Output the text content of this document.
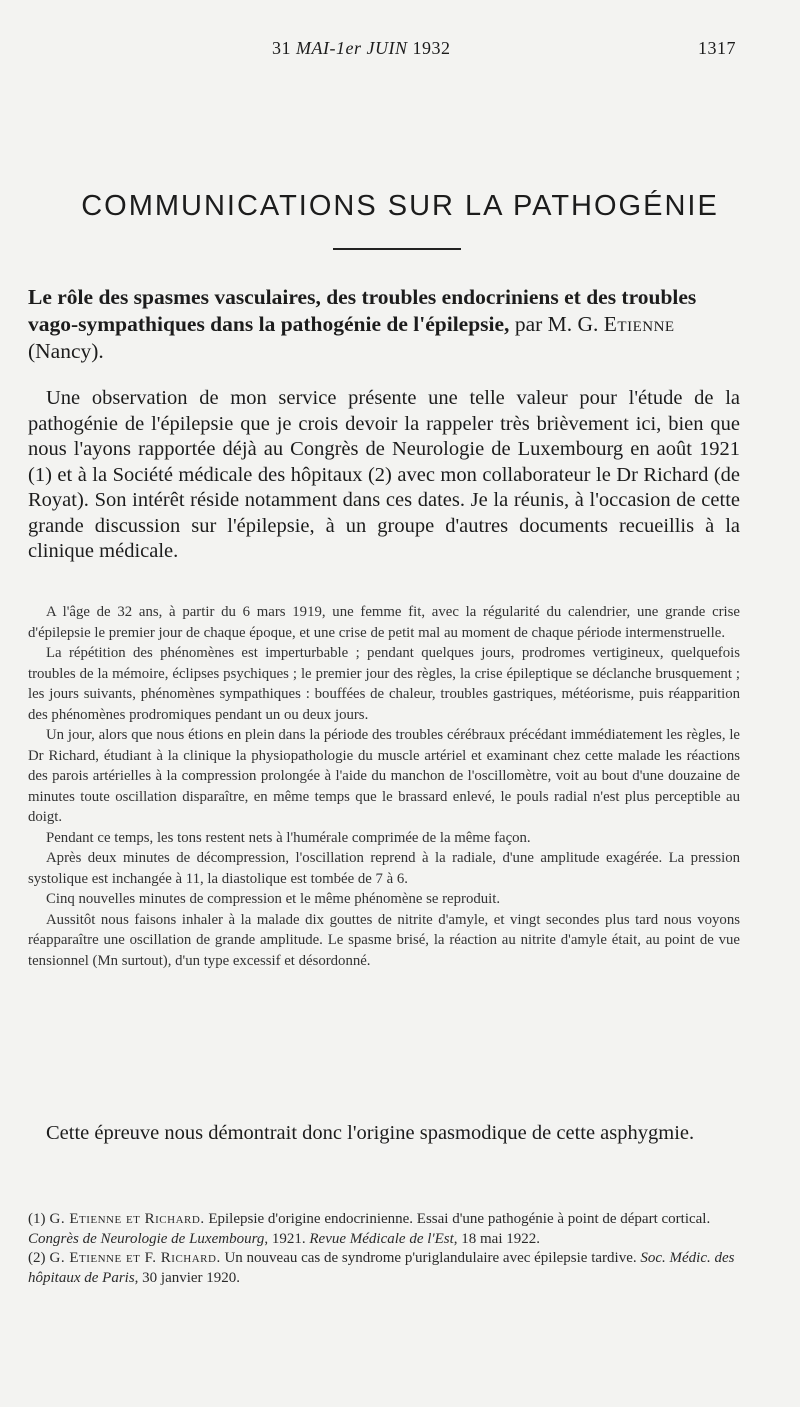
31 MAI-1er JUIN 1932	1317
COMMUNICATIONS SUR LA PATHOGÉNIE
Le rôle des spasmes vasculaires, des troubles endocriniens et des troubles vago-sympathiques dans la pathogénie de l'épilepsie, par M. G. Etienne (Nancy).

Une observation de mon service présente une telle valeur pour l'étude de la pathogénie de l'épilepsie que je crois devoir la rappeler très brièvement ici, bien que nous l'ayons rapportée déjà au Congrès de Neurologie de Luxembourg en août 1921 (1) et à la Société médicale des hôpitaux (2) avec mon collaborateur le Dr Richard (de Royat). Son intérêt réside notamment dans ces dates. Je la réunis, à l'occasion de cette grande discussion sur l'épilepsie, à un groupe d'autres documents recueillis à la clinique médicale.

A l'âge de 32 ans, à partir du 6 mars 1919, une femme fit, avec la régularité du calendrier, une grande crise d'épilepsie le premier jour de chaque époque, et une crise de petit mal au moment de chaque période intermenstruelle.

La répétition des phénomènes est imperturbable ; pendant quelques jours, prodromes vertigineux, quelquefois troubles de la mémoire, éclipses psychiques ; le premier jour des règles, la crise épileptique se déclanche brusquement ; les jours suivants, phénomènes sympathiques : bouffées de chaleur, troubles gastriques, météorisme, puis réapparition des phénomènes prodromiques pendant un ou deux jours.

Un jour, alors que nous étions en plein dans la période des troubles cérébraux précédant immédiatement les règles, le Dr Richard, étudiant à la clinique la physiopathologie du muscle artériel et examinant chez cette malade les réactions des parois artérielles à la compression prolongée à l'aide du manchon de l'oscillomètre, voit au bout d'une douzaine de minutes toute oscillation disparaître, en même temps que le brassard enlevé, le pouls radial n'est plus perceptible au doigt.

Pendant ce temps, les tons restent nets à l'humérale comprimée de la même façon.

Après deux minutes de décompression, l'oscillation reprend à la radiale, d'une amplitude exagérée. La pression systolique est inchangée à 11, la diastolique est tombée de 7 à 6.

Cinq nouvelles minutes de compression et le même phénomène se reproduit.

Aussitôt nous faisons inhaler à la malade dix gouttes de nitrite d'amyle, et vingt secondes plus tard nous voyons réapparaître une oscillation de grande amplitude. Le spasme brisé, la réaction au nitrite d'amyle était, au point de vue tensionnel (Mn surtout), d'un type excessif et désordonné.

Cette épreuve nous démontrait donc l'origine spasmodique de cette asphygmie.

(1) G. Etienne et Richard. Epilepsie d'origine endocrinienne. Essai d'une pathogénie à point de départ cortical. Congrès de Neurologie de Luxembourg, 1921. Revue Médicale de l'Est, 18 mai 1922.

(2) G. Etienne et F. Richard. Un nouveau cas de syndrome p'uriglandulaire avec épilepsie tardive. Soc. Médic. des hôpitaux de Paris, 30 janvier 1920.
